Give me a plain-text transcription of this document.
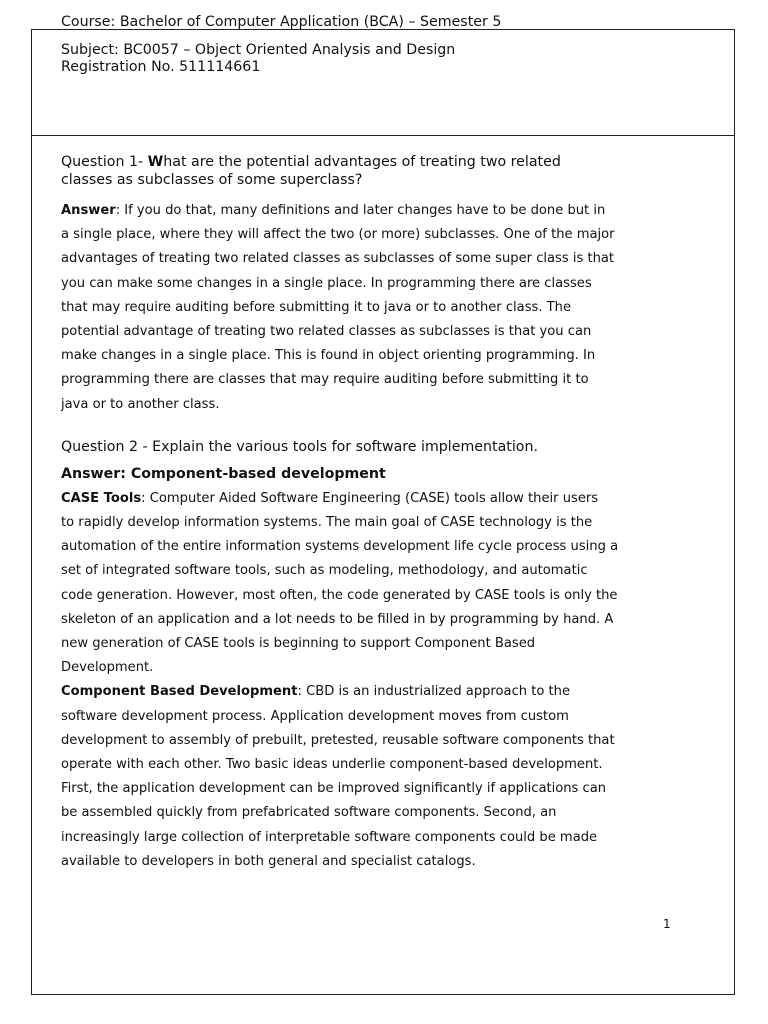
Course: Bachelor of Computer Application (BCA) – Semester 5
Subject: BC0057 – Object Oriented Analysis and Design
Registration No. 511114661
Question 1- What are the potential advantages of treating two related
classes as subclasses of some superclass?
Answer: If you do that, many definitions and later changes have to be done but in
a single place, where they will affect the two (or more) subclasses. One of the major
advantages of treating two related classes as subclasses of some super class is that
you can make some changes in a single place. In programming there are classes
that may require auditing before submitting it to java or to another class. The
potential advantage of treating two related classes as subclasses is that you can
make changes in a single place. This is found in object orienting programming. In
programming there are classes that may require auditing before submitting it to
java or to another class.
Question 2 - Explain the various tools for software implementation.
Answer: Component-based development
CASE Tools: Computer Aided Software Engineering (CASE) tools allow their users
to rapidly develop information systems. The main goal of CASE technology is the
automation of the entire information systems development life cycle process using a
set of integrated software tools, such as modeling, methodology, and automatic
code generation. However, most often, the code generated by CASE tools is only the
skeleton of an application and a lot needs to be filled in by programming by hand. A
new generation of CASE tools is beginning to support Component Based
Development.
Component Based Development: CBD is an industrialized approach to the
software development process. Application development moves from custom
development to assembly of prebuilt, pretested, reusable software components that
operate with each other. Two basic ideas underlie component-based development.
First, the application development can be improved significantly if applications can
be assembled quickly from prefabricated software components. Second, an
increasingly large collection of interpretable software components could be made
available to developers in both general and specialist catalogs.
1
